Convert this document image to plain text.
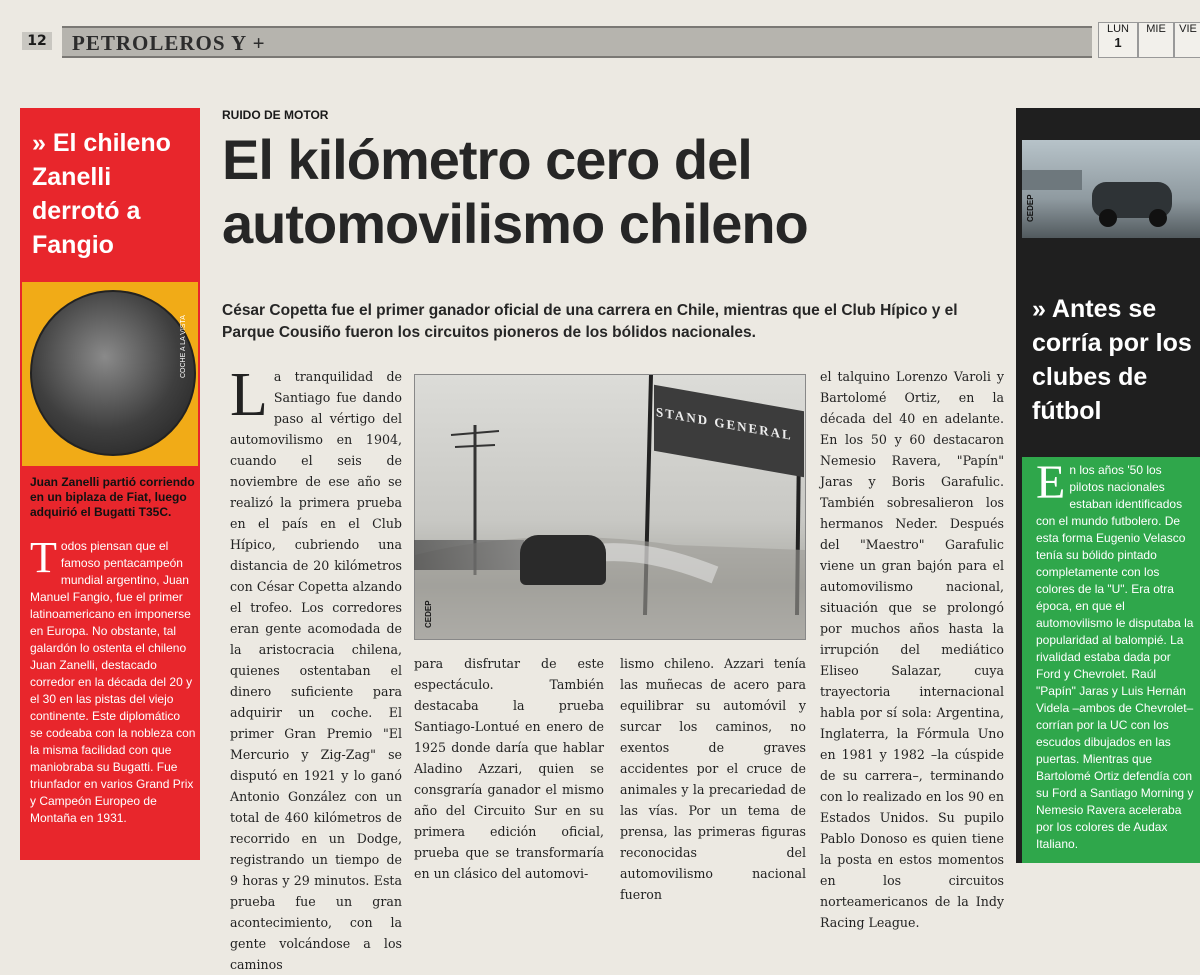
12 PETROLEROS Y +
LUN
1
MIE	VIE
» El chileno Zanelli derrotó a Fangio
COCHE A LA VISTA
Juan Zanelli partió corriendo en un biplaza de Fiat, luego adquirió el Bugatti T35C.
Todos piensan que el famoso pentacampeón mundial argentino, Juan Manuel Fangio, fue el primer latinoamericano en imponerse en Europa. No obstante, tal galardón lo ostenta el chileno Juan Zanelli, destacado corredor en la década del 20 y el 30 en las pistas del viejo continente. Este diplomático se codeaba con la nobleza con la misma facilidad con que maniobraba su Bugatti. Fue triunfador en varios Grand Prix y Campeón Europeo de Montaña en 1931.
RUIDO DE MOTOR
El kilómetro cero del automovilismo chileno
César Copetta fue el primer ganador oficial de una carrera en Chile, mientras que el Club Hípico y el Parque Cousiño fueron los circuitos pioneros de los bólidos nacionales.
La tranquilidad de Santiago fue dando paso al vértigo del automovilismo en 1904, cuando el seis de noviembre de ese año se realizó la primera prueba en el país en el Club Hípico, cubriendo una distancia de 20 kilómetros con César Copetta alzando el trofeo. Los corredores eran gente acomodada de la aristocracia chilena, quienes ostentaban el dinero suficiente para adquirir un coche. El primer Gran Premio "El Mercurio y Zig-Zag" se disputó en 1921 y lo ganó Antonio González con un total de 460 kilómetros de recorrido en un Dodge, registrando un tiempo de 9 horas y 29 minutos. Esta prueba fue un gran acontecimiento, con la gente volcándose a los caminos
STAND GENERAL
CEDEP
para disfrutar de este espectáculo. También destacaba la prueba Santiago-Lontué en enero de 1925 donde daría que hablar Aladino Azzari, quien se consgraría ganador el mismo año del Circuito Sur en su primera edición oficial, prueba que se transformaría en un clásico del automovi-
lismo chileno. Azzari tenía las muñecas de acero para equilibrar su automóvil y surcar los caminos, no exentos de graves accidentes por el cruce de animales y la precariedad de las vías. Por un tema de prensa, las primeras figuras reconocidas del automovilismo nacional fueron
el talquino Lorenzo Varoli y Bartolomé Ortiz, en la década del 40 en adelante. En los 50 y 60 destacaron Nemesio Ravera, "Papín" Jaras y Boris Garafulic. También sobresalieron los hermanos Neder. Después del "Maestro" Garafulic viene un gran bajón para el automovilismo nacional, situación que se prolongó por muchos años hasta la irrupción del mediático Eliseo Salazar, cuya trayectoria internacional habla por sí sola: Argentina, Inglaterra, la Fórmula Uno en 1981 y 1982 –la cúspide de su carrera–, terminando con lo realizado en los 90 en Estados Unidos. Su pupilo Pablo Donoso es quien tiene la posta en estos momentos en los circuitos norteamericanos de la Indy Racing League.
CEDEP
» Antes se corría por los clubes de fútbol
En los años '50 los pilotos nacionales estaban identificados con el mundo futbolero. De esta forma Eugenio Velasco tenía su bólido pintado completamente con los colores de la "U". Era otra época, en que el automovilismo le disputaba la popularidad al balompié. La rivalidad estaba dada por Ford y Chevrolet. Raúl "Papín" Jaras y Luis Hernán Videla –ambos de Chevrolet– corrían por la UC con los escudos dibujados en las puertas. Mientras que Bartolomé Ortiz defendía con su Ford a Santiago Morning y Nemesio Ravera aceleraba por los colores de Audax Italiano.
